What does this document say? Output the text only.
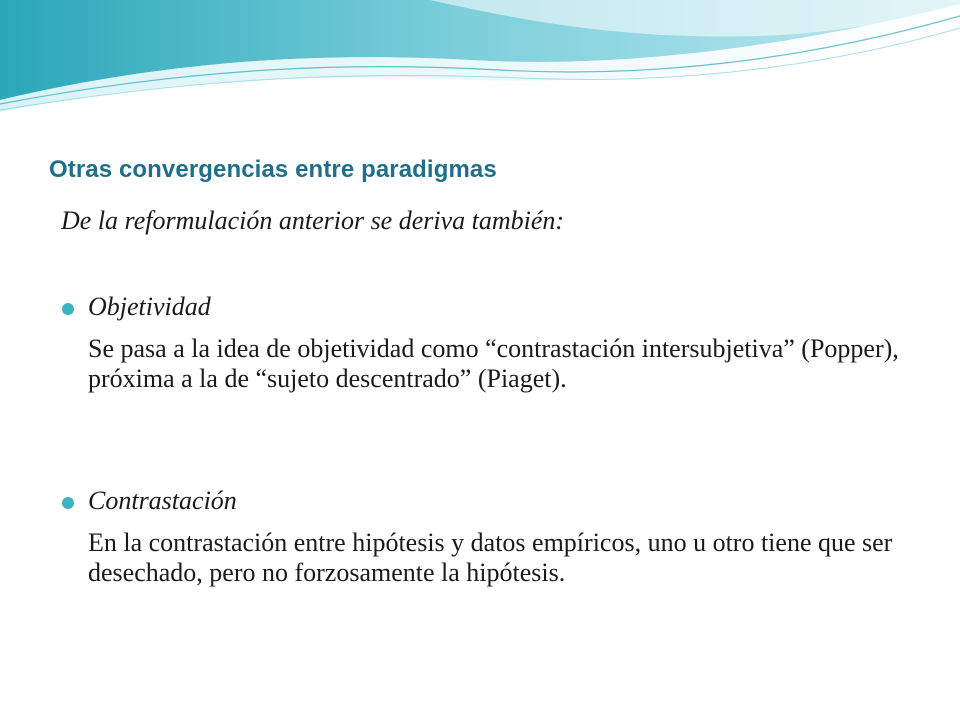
Otras convergencias entre paradigmas

De la reformulación anterior se deriva también:

Objetividad

Se pasa a la idea de objetividad como “contrastación intersubjetiva” (Popper), próxima a la de “sujeto descentrado” (Piaget).

Contrastación

En la contrastación entre hipótesis y datos empíricos, uno u otro tiene que ser desechado, pero no forzosamente la hipótesis.
